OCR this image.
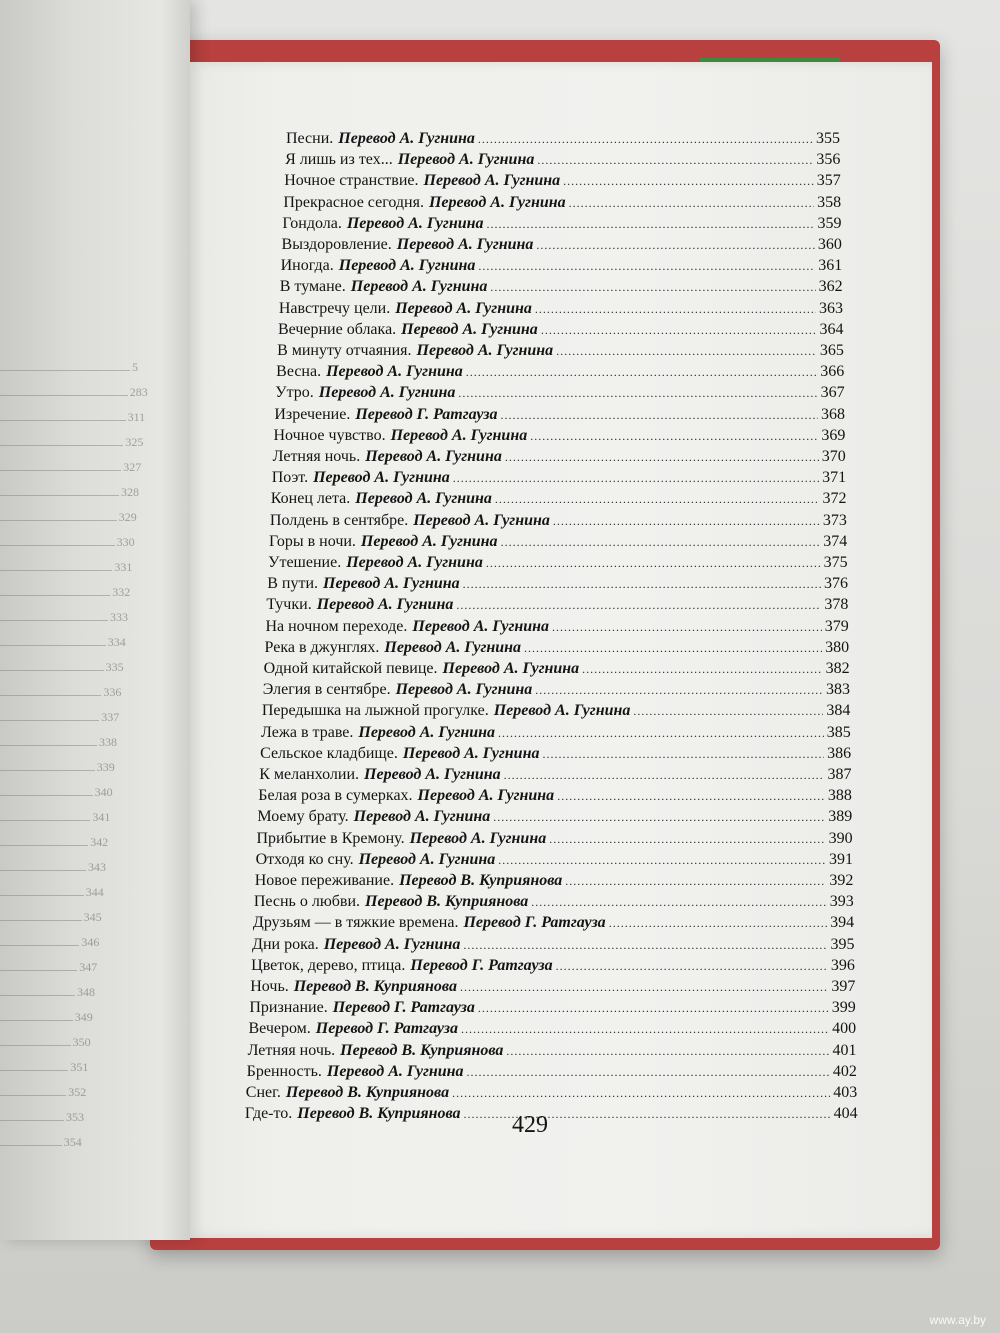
5
283
311
325
327
328
329
330
331
332
333
334
335
336
337
338
339
340
341
342
343
344
345
346
347
348
349
350
351
352
353
354
Песни. Перевод А. Гугнина .....	355
Я лишь из тех... Перевод А. Гугнина .....	356
Ночное странствие. Перевод А. Гугнина .....	357
Прекрасное сегодня. Перевод А. Гугнина .....	358
Гондола. Перевод А. Гугнина .....	359
Выздоровление. Перевод А. Гугнина .....	360
Иногда. Перевод А. Гугнина .....	361
В тумане. Перевод А. Гугнина .....	362
Навстречу цели. Перевод А. Гугнина .....	363
Вечерние облака. Перевод А. Гугнина .....	364
В минуту отчаяния. Перевод А. Гугнина .....	365
Весна. Перевод А. Гугнина .....	366
Утро. Перевод А. Гугнина .....	367
Изречение. Перевод Г. Ратгауза .....	368
Ночное чувство. Перевод А. Гугнина .....	369
Летняя ночь. Перевод А. Гугнина .....	370
Поэт. Перевод А. Гугнина .....	371
Конец лета. Перевод А. Гугнина .....	372
Полдень в сентябре. Перевод А. Гугнина .....	373
Горы в ночи. Перевод А. Гугнина .....	374
Утешение. Перевод А. Гугнина .....	375
В пути. Перевод А. Гугнина .....	376
Тучки. Перевод А. Гугнина .....	378
На ночном переходе. Перевод А. Гугнина .....	379
Река в джунглях. Перевод А. Гугнина .....	380
Одной китайской певице. Перевод А. Гугнина .....	382
Элегия в сентябре. Перевод А. Гугнина .....	383
Передышка на лыжной прогулке. Перевод А. Гугнина .....	384
Лежа в траве. Перевод А. Гугнина .....	385
Сельское кладбище. Перевод А. Гугнина .....	386
К меланхолии. Перевод А. Гугнина .....	387
Белая роза в сумерках. Перевод А. Гугнина .....	388
Моему брату. Перевод А. Гугнина .....	389
Прибытие в Кремону. Перевод А. Гугнина .....	390
Отходя ко сну. Перевод А. Гугнина .....	391
Новое переживание. Перевод В. Куприянова .....	392
Песнь о любви. Перевод В. Куприянова .....	393
Друзьям — в тяжкие времена. Перевод Г. Ратгауза .....	394
Дни рока. Перевод А. Гугнина .....	395
Цветок, дерево, птица. Перевод Г. Ратгауза .....	396
Ночь. Перевод В. Куприянова .....	397
Признание. Перевод Г. Ратгауза .....	399
Вечером. Перевод Г. Ратгауза .....	400
Летняя ночь. Перевод В. Куприянова .....	401
Бренность. Перевод А. Гугнина .....	402
Снег. Перевод В. Куприянова .....	403
Где-то. Перевод В. Куприянова .....	404
429
www.ay.by
